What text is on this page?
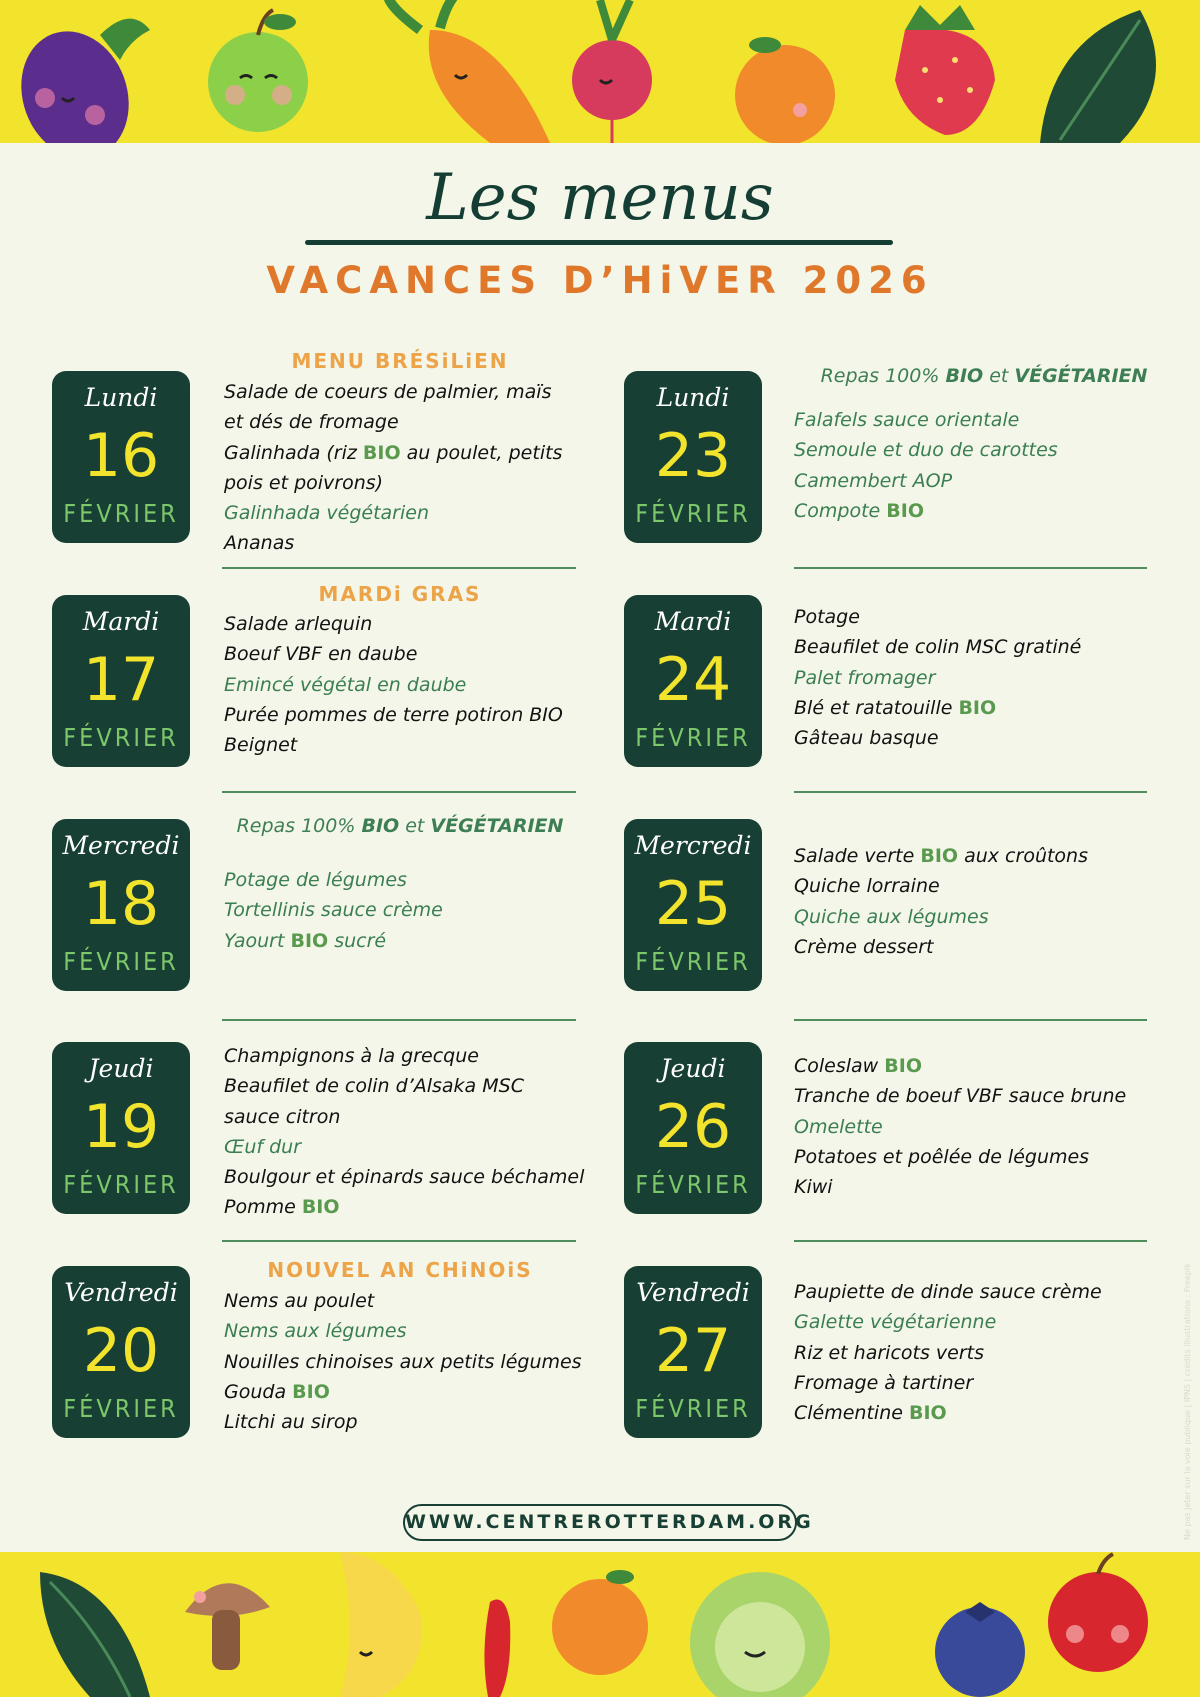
Les menus
VACANCES D’HiVER 2026
MENU BRÉSiLiEN
Lundi
16
FÉVRIER
Salade de coeurs de palmier, maïs et dés de fromage
Galinhada (riz BIO au poulet, petits pois et poivrons)
Galinhada végétarien
Ananas
MARDi GRAS
Mardi
17
FÉVRIER
Salade arlequin
Boeuf VBF en daube
Emincé végétal en daube
Purée pommes de terre potiron BIO
Beignet
Repas 100% BIO et VÉGÉTARIEN
Mercredi
18
FÉVRIER
Potage de légumes
Tortellinis sauce crème
Yaourt BIO sucré
Jeudi
19
FÉVRIER
Champignons à la grecque
Beaufilet de colin d’Alsaka MSC sauce citron
Œuf dur
Boulgour et épinards sauce béchamel
Pomme BIO
NOUVEL AN CHiNOiS
Vendredi
20
FÉVRIER
Nems au poulet
Nems aux légumes
Nouilles chinoises aux petits légumes
Gouda BIO
Litchi au sirop
Repas 100% BIO et VÉGÉTARIEN
Lundi
23
FÉVRIER
Falafels sauce orientale
Semoule et duo de carottes
Camembert AOP
Compote BIO
Mardi
24
FÉVRIER
Potage
Beaufilet de colin MSC gratiné
Palet fromager
Blé et ratatouille BIO
Gâteau basque
Mercredi
25
FÉVRIER
Salade verte BIO aux croûtons
Quiche lorraine
Quiche aux légumes
Crème dessert
Jeudi
26
FÉVRIER
Coleslaw BIO
Tranche de boeuf VBF sauce brune
Omelette
Potatoes et poêlée de légumes
Kiwi
Vendredi
27
FÉVRIER
Paupiette de dinde sauce crème
Galette végétarienne
Riz et haricots verts
Fromage à tartiner
Clémentine BIO
WWW.CENTREROTTERDAM.ORG	Ne pas jeter sur la voie publique | IPNS | crédits illustrations : Freepik
